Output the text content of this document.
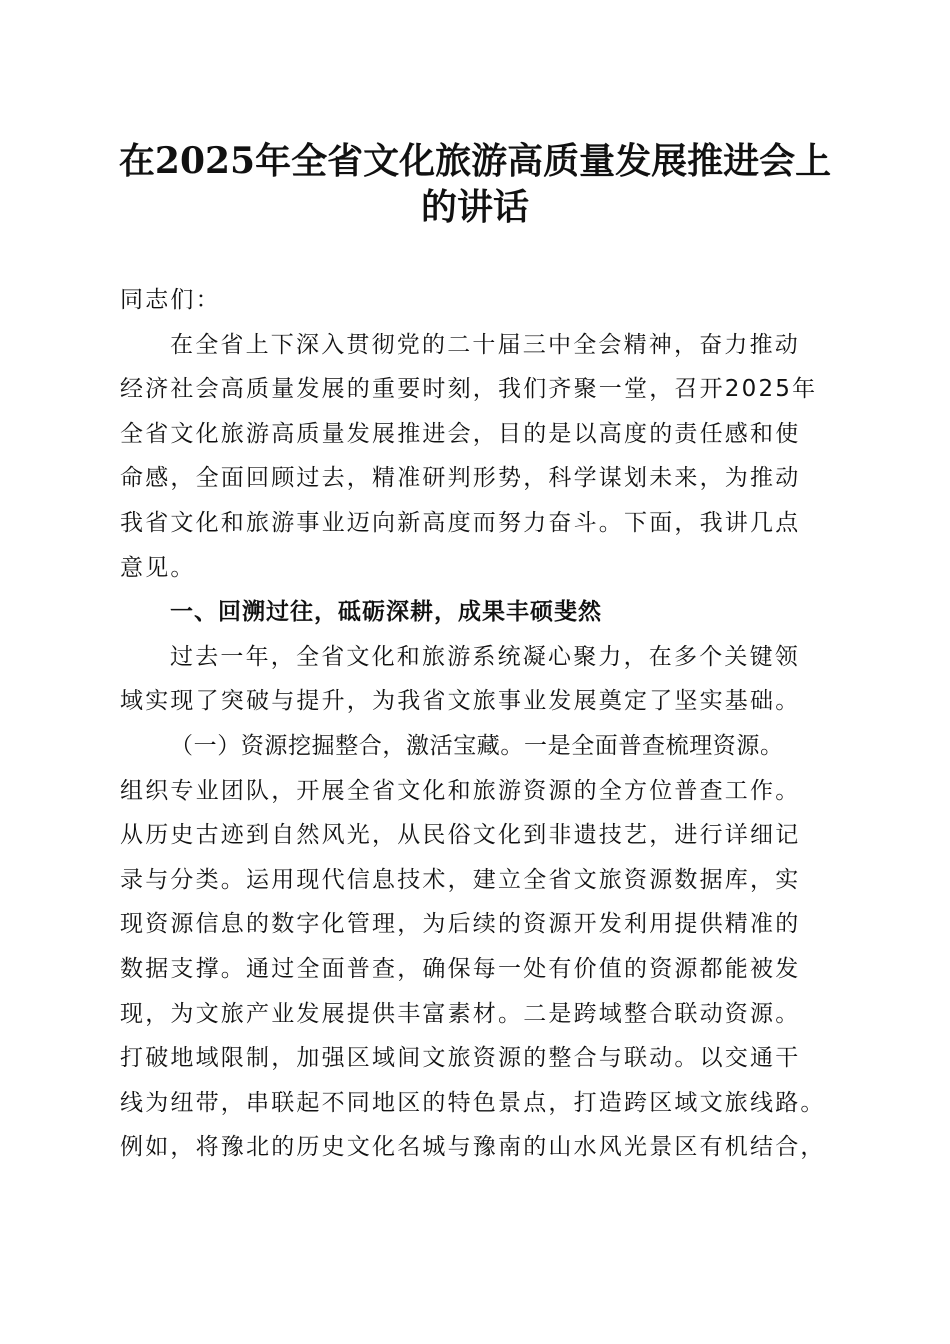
在2025年全省文化旅游高质量发展推进会上
的讲话

同志们：

在全省上下深入贯彻党的二十届三中全会精神，奋力推动
经济社会高质量发展的重要时刻，我们齐聚一堂，召开2025年
全省文化旅游高质量发展推进会，目的是以高度的责任感和使
命感，全面回顾过去，精准研判形势，科学谋划未来，为推动
我省文化和旅游事业迈向新高度而努力奋斗。下面，我讲几点
意见。

一、回溯过往，砥砺深耕，成果丰硕斐然

过去一年，全省文化和旅游系统凝心聚力，在多个关键领
域实现了突破与提升，为我省文旅事业发展奠定了坚实基础。

（一）资源挖掘整合，激活宝藏。一是全面普查梳理资源。
组织专业团队，开展全省文化和旅游资源的全方位普查工作。
从历史古迹到自然风光，从民俗文化到非遗技艺，进行详细记
录与分类。运用现代信息技术，建立全省文旅资源数据库，实
现资源信息的数字化管理，为后续的资源开发利用提供精准的
数据支撑。通过全面普查，确保每一处有价值的资源都能被发
现，为文旅产业发展提供丰富素材。二是跨域整合联动资源。
打破地域限制，加强区域间文旅资源的整合与联动。以交通干
线为纽带，串联起不同地区的特色景点，打造跨区域文旅线路。
例如，将豫北的历史文化名城与豫南的山水风光景区有机结合，
